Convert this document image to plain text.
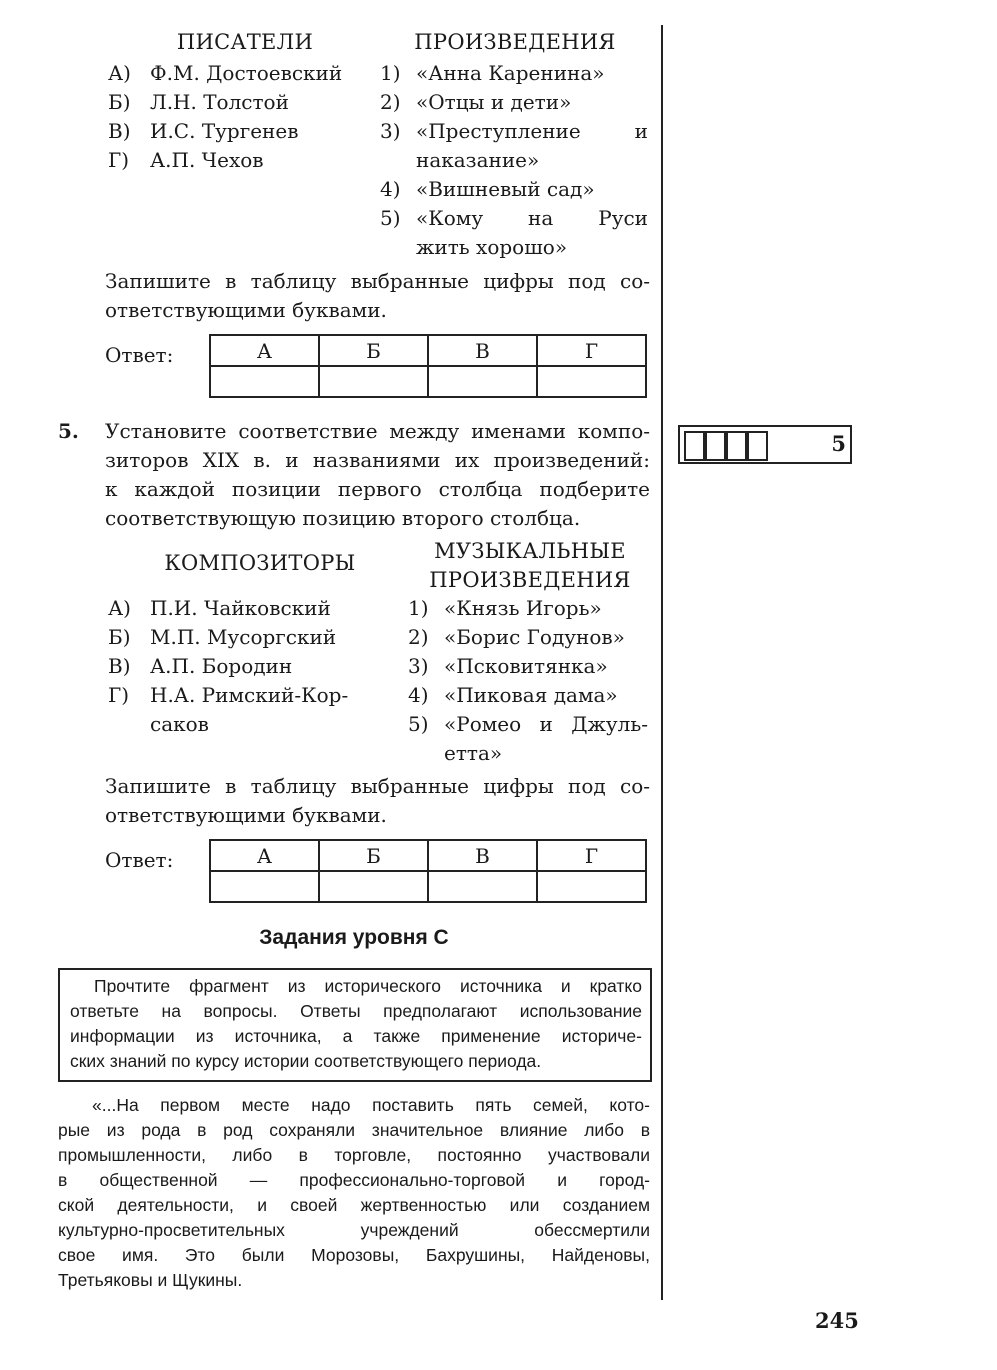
ПИСАТЕЛИ	ПРОИЗВЕДЕНИЯ
А) Ф.М. Достоевский
Б) Л.Н. Толстой
В) И.С. Тургенев
Г) А.П. Чехов
1) «Анна Каренина»
2) «Отцы и дети»
3) «Преступление и
наказание»
4) «Вишневый сад»
5) «Кому на Руси
жить хорошо»
Запишите в таблицу выбранные цифры под со-
ответствующими буквами.
Ответ:	А	Б	В	Г

5. Установите соответствие между именами компо-
зиторов XIX в. и названиями их произведений:
к каждой позиции первого столбца подберите
соответствующую позицию второго столбца.
5
КОМПОЗИТОРЫ	МУЗЫКАЛЬНЫЕ
ПРОИЗВЕДЕНИЯ
А) П.И. Чайковский
Б) М.П. Мусоргский
В) А.П. Бородин
Г) Н.А. Римский-Кор-
саков
1) «Князь Игорь»
2) «Борис Годунов»
3) «Псковитянка»
4) «Пиковая дама»
5) «Ромео и Джуль-
етта»
Запишите в таблицу выбранные цифры под со-
ответствующими буквами.
Ответ:	А	Б	В	Г

Задания уровня С
Прочтите фрагмент из исторического источника и кратко
ответьте на вопросы. Ответы предполагают использование
информации из источника, а также применение историче-
ских знаний по курсу истории соответствующего периода.
«...На первом месте надо поставить пять семей, кото-
рые из рода в род сохраняли значительное влияние либо в
промышленности, либо в торговле, постоянно участвовали
в общественной — профессионально-торговой и город-
ской деятельности, и своей жертвенностью или созданием
культурно-просветительных учреждений обессмертили
свое имя. Это были Морозовы, Бахрушины, Найденовы,
Третьяковы и Щукины.
245
